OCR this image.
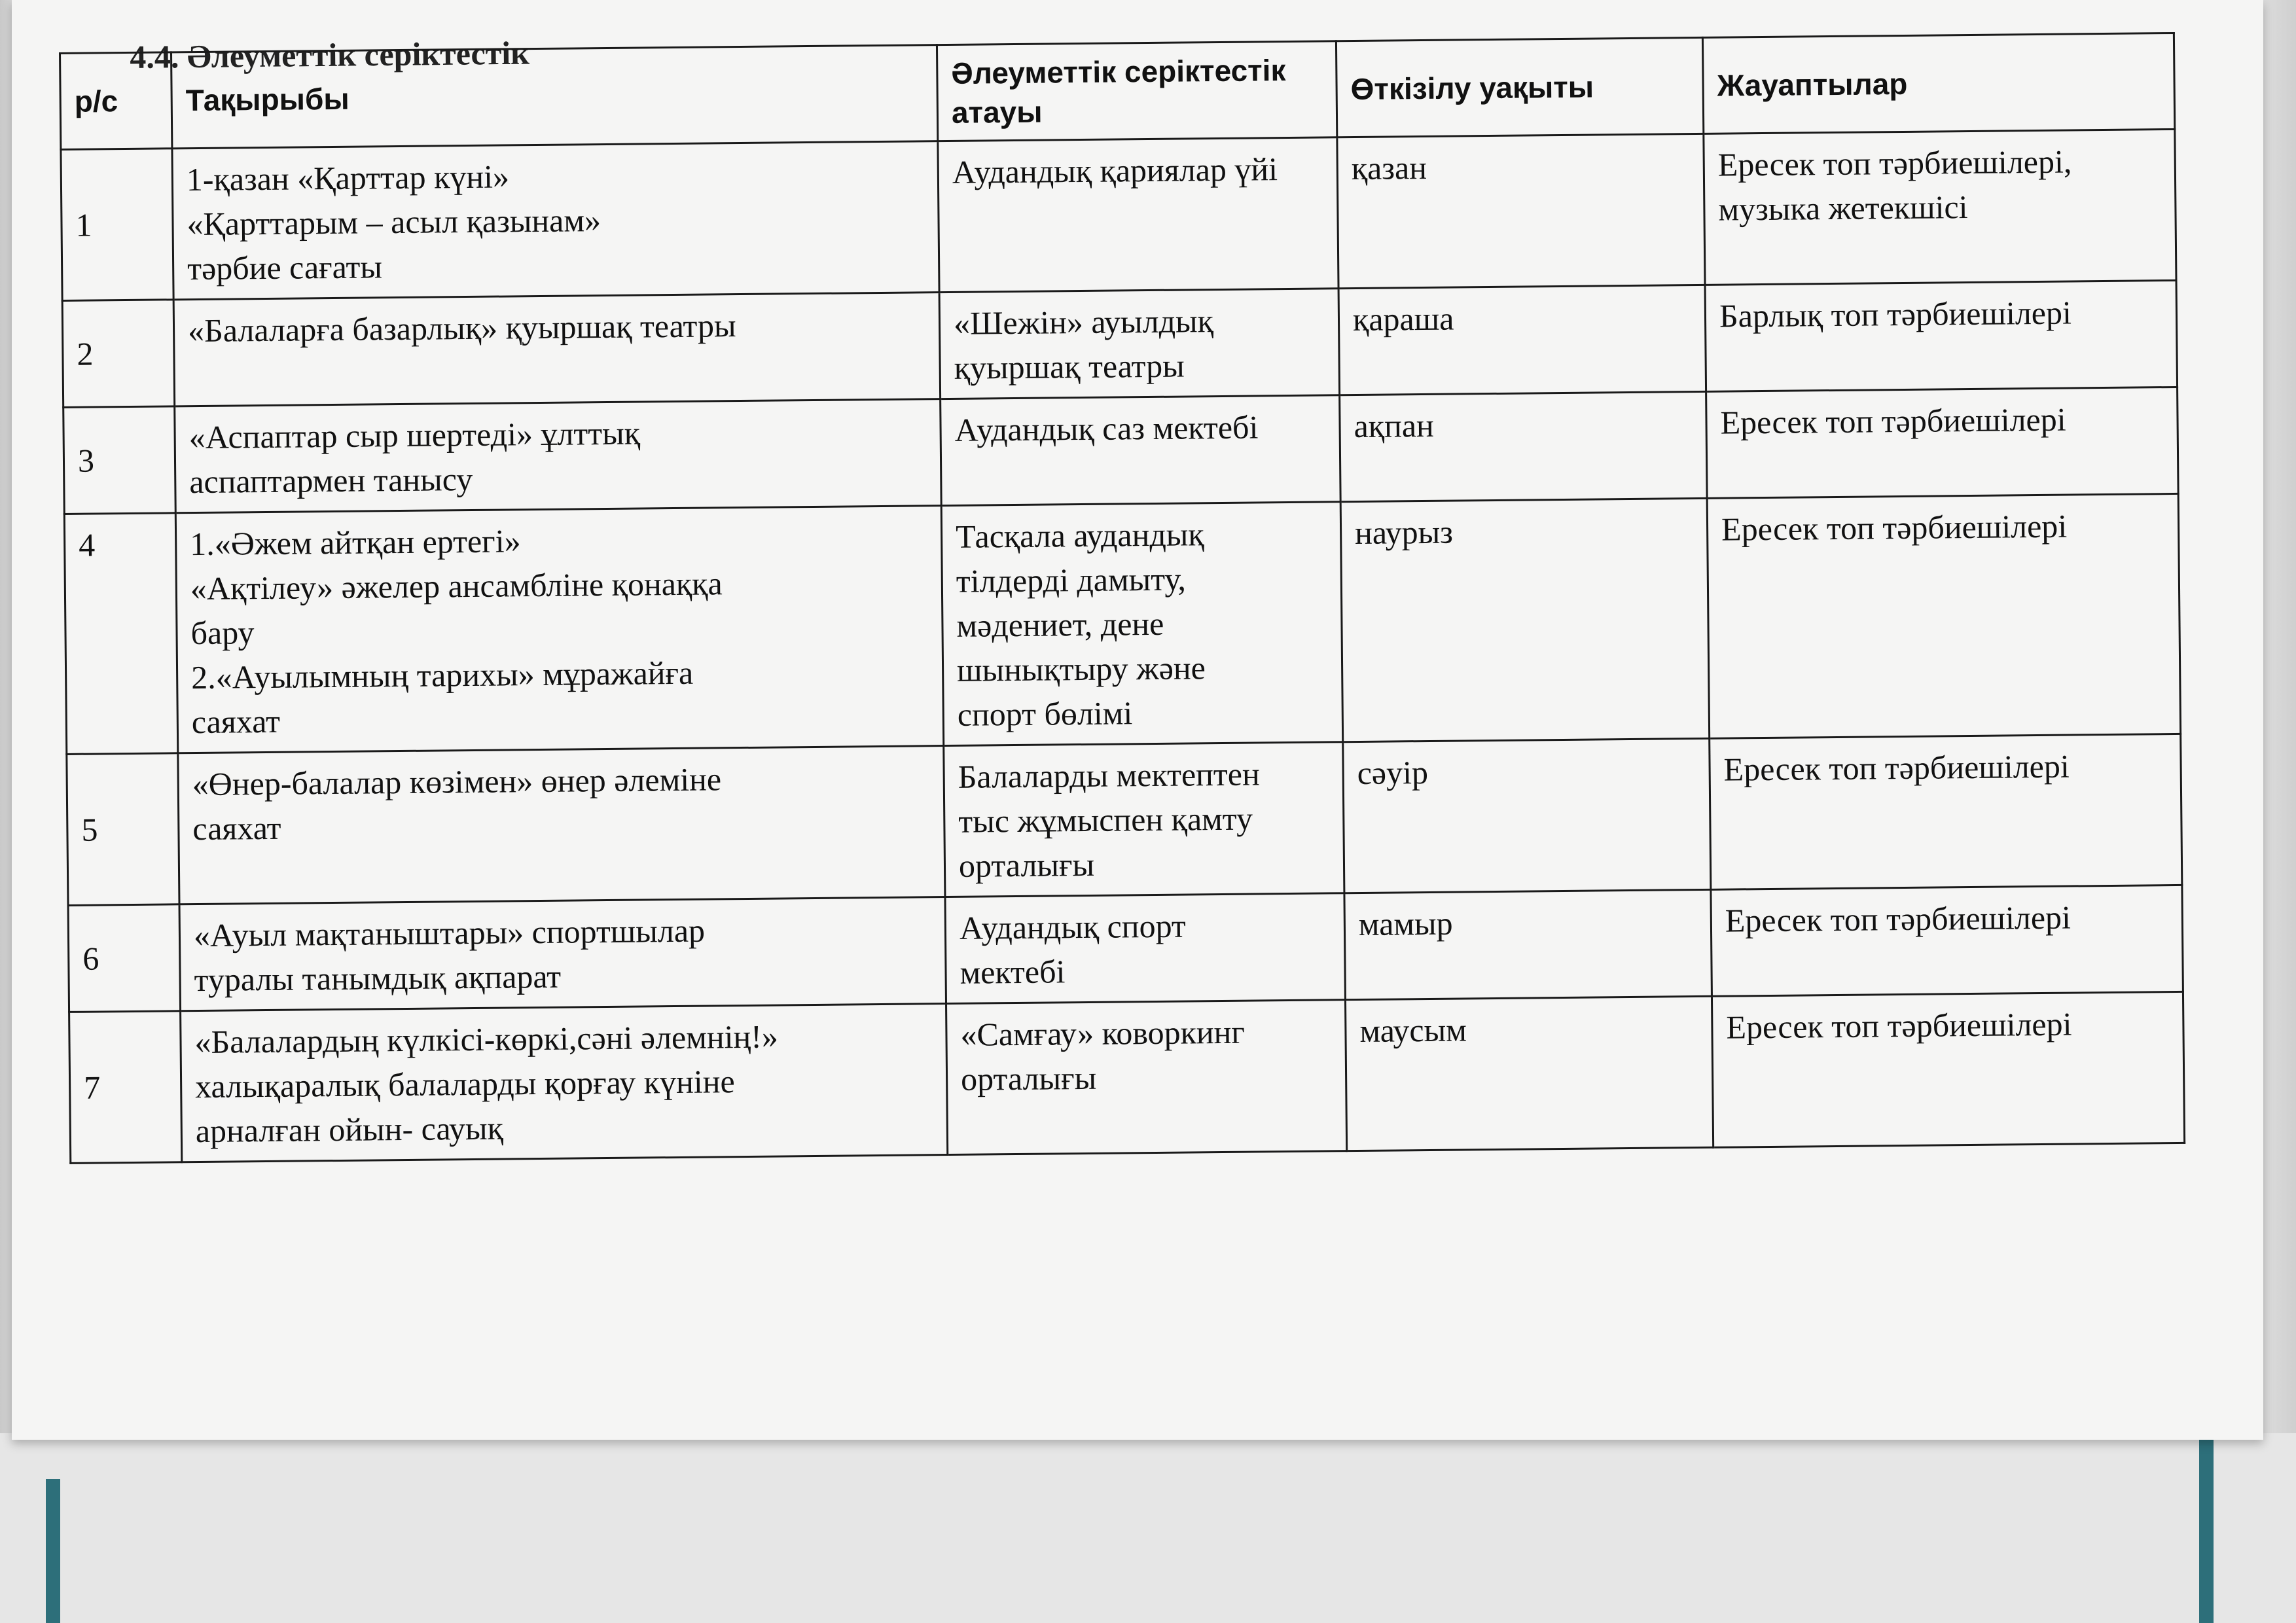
4.4. Әлеуметтік серіктестік
р/с	Тақырыбы	Әлеуметтік серіктестік атауы	Өткізілу уақыты	Жауаптылар
1	1-қазан «Қарттар күні»
«Қарттарым – асыл қазынам»
тәрбие сағаты	Аудандық қариялар үйі	қазан	Ересек топ тәрбиешілері,
музыка жетекшісі

2	«Балаларға базарлық» қуыршақ театры	«Шежін» ауылдық
қуыршақ театры	қараша	Барлық топ тәрбиешілері

3	«Аспаптар сыр шертеді» ұлттық
аспаптармен танысу	Аудандық саз мектебі	ақпан	Ересек топ тәрбиешілері

4	1.«Әжем айтқан ертегі»
«Ақтілеу» әжелер ансамбліне қонаққа
бару
2.«Ауылымның тарихы» мұражайға
саяхат	Тасқала аудандық
тілдерді дамыту,
мәдениет, дене
шынықтыру және
спорт бөлімі	наурыз	Ересек топ тәрбиешілері

5	«Өнер-балалар көзімен» өнер әлеміне
саяхат	Балаларды мектептен
тыс жұмыспен қамту
орталығы	сәуір	Ересек топ тәрбиешілері

6	«Ауыл мақтаныштары» спортшылар
туралы танымдық ақпарат	Аудандық спорт
мектебі	мамыр	Ересек топ тәрбиешілері

7	«Балалардың күлкісі-көркі,сәні әлемнің!»
халықаралық балаларды қорғау күніне
арналған ойын- сауық	«Самғау» коворкинг
орталығы	маусым	Ересек топ тәрбиешілері
